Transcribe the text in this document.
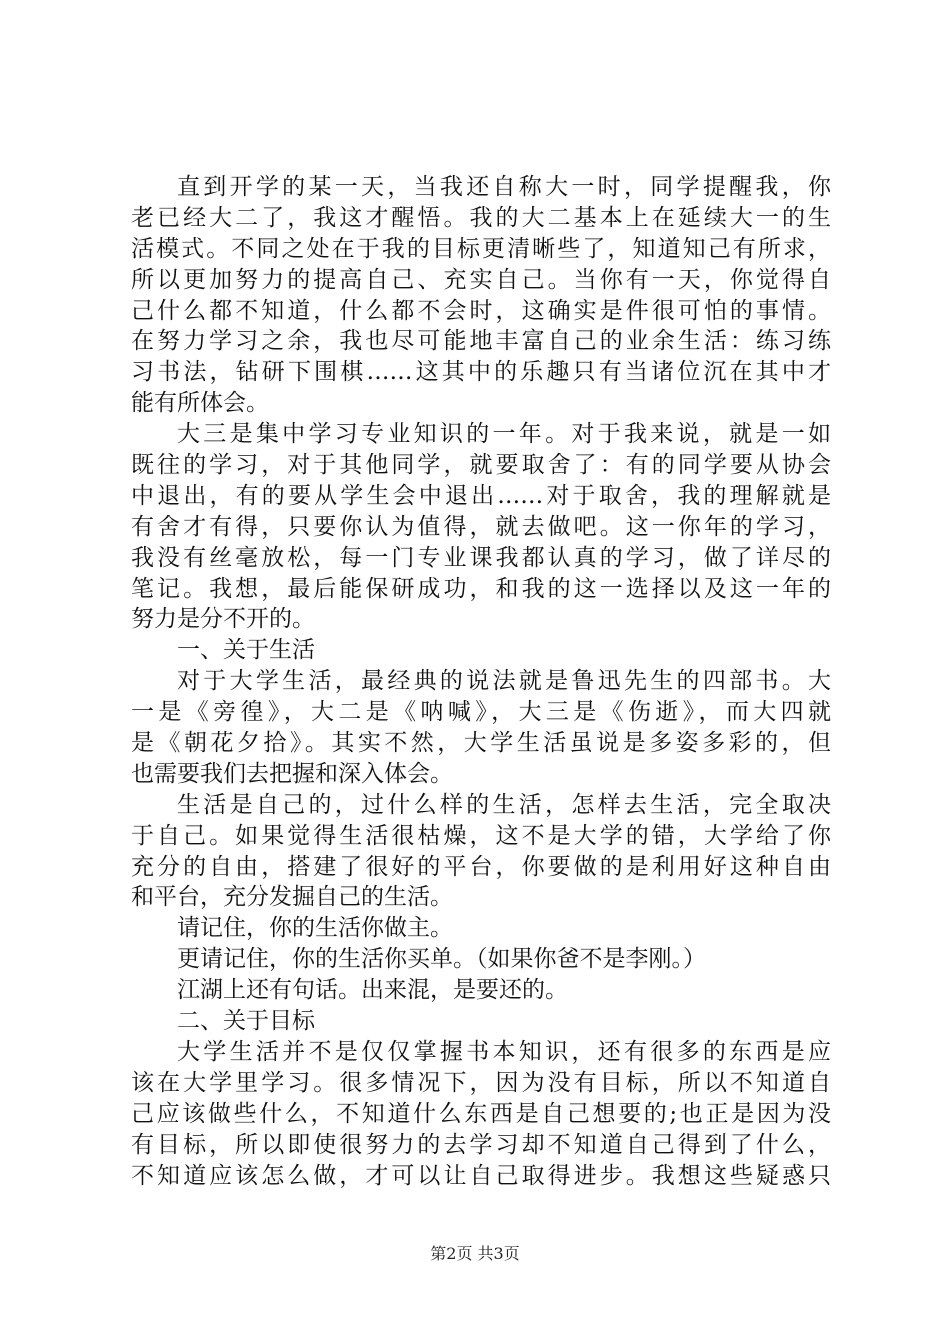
直到开学的某一天，当我还自称大一时，同学提醒我，你
老已经大二了，我这才醒悟。我的大二基本上在延续大一的生
活模式。不同之处在于我的目标更清晰些了，知道知己有所求，
所以更加努力的提高自己、充实自己。当你有一天，你觉得自
己什么都不知道，什么都不会时，这确实是件很可怕的事情。
在努力学习之余，我也尽可能地丰富自己的业余生活：练习练
习书法，钻研下围棋……这其中的乐趣只有当诸位沉在其中才
能有所体会。
大三是集中学习专业知识的一年。对于我来说，就是一如
既往的学习，对于其他同学，就要取舍了：有的同学要从协会
中退出，有的要从学生会中退出……对于取舍，我的理解就是
有舍才有得，只要你认为值得，就去做吧。这一你年的学习，
我没有丝毫放松，每一门专业课我都认真的学习，做了详尽的
笔记。我想，最后能保研成功，和我的这一选择以及这一年的
努力是分不开的。
一、关于生活
对于大学生活，最经典的说法就是鲁迅先生的四部书。大
一是《旁徨》，大二是《呐喊》，大三是《伤逝》，而大四就
是《朝花夕拾》。其实不然，大学生活虽说是多姿多彩的，但
也需要我们去把握和深入体会。
生活是自己的，过什么样的生活，怎样去生活，完全取决
于自己。如果觉得生活很枯燥，这不是大学的错，大学给了你
充分的自由，搭建了很好的平台，你要做的是利用好这种自由
和平台，充分发掘自己的生活。
请记住，你的生活你做主。
更请记住，你的生活你买单。（如果你爸不是李刚。）
江湖上还有句话。出来混，是要还的。
二、关于目标
大学生活并不是仅仅掌握书本知识，还有很多的东西是应
该在大学里学习。很多情况下，因为没有目标，所以不知道自
己应该做些什么，不知道什么东西是自己想要的;也正是因为没
有目标，所以即使很努力的去学习却不知道自己得到了什么，
不知道应该怎么做，才可以让自己取得进步。我想这些疑惑只
第2页 共3页
